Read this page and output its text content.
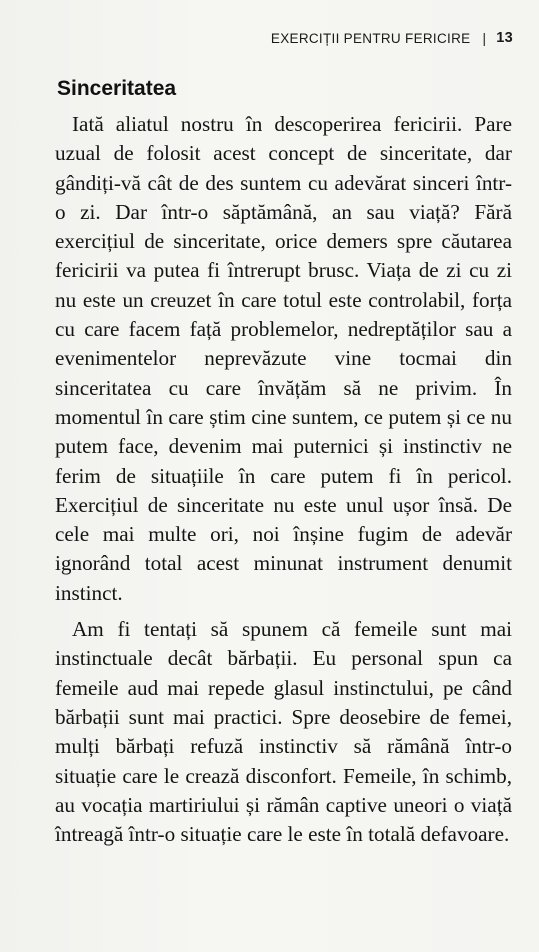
EXERCIȚII PENTRU FERICIRE | 13
Sinceritatea

Iată aliatul nostru în descoperirea fericirii. Pare uzual de folosit acest concept de sinceritate, dar gândiți-vă cât de des suntem cu adevărat sinceri într-o zi. Dar într-o săptămână, an sau viață? Fără exercițiul de sinceritate, orice demers spre căutarea fericirii va putea fi întrerupt brusc. Viața de zi cu zi nu este un creuzet în care totul este controlabil, forța cu care facem față problemelor, nedreptăților sau a evenimentelor neprevăzute vine tocmai din sinceritatea cu care învățăm să ne privim. În momentul în care știm cine suntem, ce putem și ce nu putem face, devenim mai puternici și instinctiv ne ferim de situațiile în care putem fi în pericol. Exercițiul de sinceritate nu este unul ușor însă. De cele mai multe ori, noi înșine fugim de adevăr ignorând total acest minunat instrument denumit instinct.

Am fi tentați să spunem că femeile sunt mai instinctuale decât bărbații. Eu personal spun ca femeile aud mai repede glasul instinctului, pe când bărbații sunt mai practici. Spre deosebire de femei, mulți bărbați refuză instinctiv să rămână într-o situație care le crează disconfort. Femeile, în schimb, au vocația martiriului și rămân captive uneori o viață întreagă într-o situație care le este în totală defavoare.
